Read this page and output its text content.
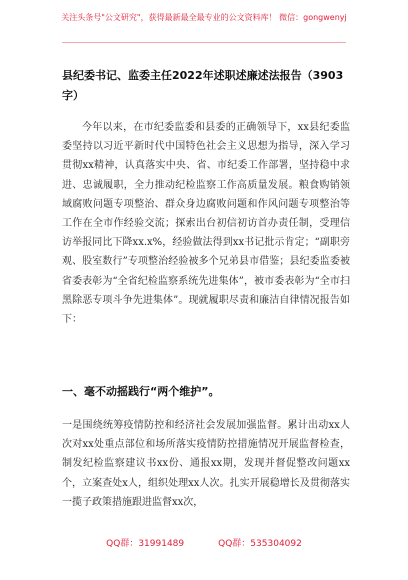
关注头条号"公文研究"，获得最新最全最专业的公文资料库！ 微信：gongwenyj

县纪委书记、监委主任2022年述职述廉述法报告（3903字）

今年以来，在市纪委监委和县委的正确领导下，xx县纪委监委坚持以习近平新时代中国特色社会主义思想为指导，深入学习贯彻xx精神，认真落实中央、省、市纪委工作部署，坚持稳中求进、忠诚履职，全力推动纪检监察工作高质量发展。粮食购销领域腐败问题专项整治、群众身边腐败问题和作风问题专项整治等工作在全市作经验交流；探索出台初信初访首办责任制，受理信访举报同比下降xx.x%，经验做法得到xx书记批示肯定；“副职旁观、股室数行”专项整治经验被多个兄弟县市借鉴；县纪委监委被省委表彰为“全省纪检监察系统先进集体”，被市委表彰为“全市扫黑除恶专项斗争先进集体”。现就履职尽责和廉洁自律情况报告如下：

一、毫不动摇践行“两个维护”。

一是围绕统筹疫情防控和经济社会发展加强监督。累计出动xx人次对xx处重点部位和场所落实疫情防控措施情况开展监督检查，制发纪检监察建议书xx份、通报xx期，发现并督促整改问题xx个，立案查处x人，组织处理xx人次。扎实开展稳增长及贯彻落实一揽子政策措施跟进监督xx次，

QQ群：31991489	QQ群：535304092
